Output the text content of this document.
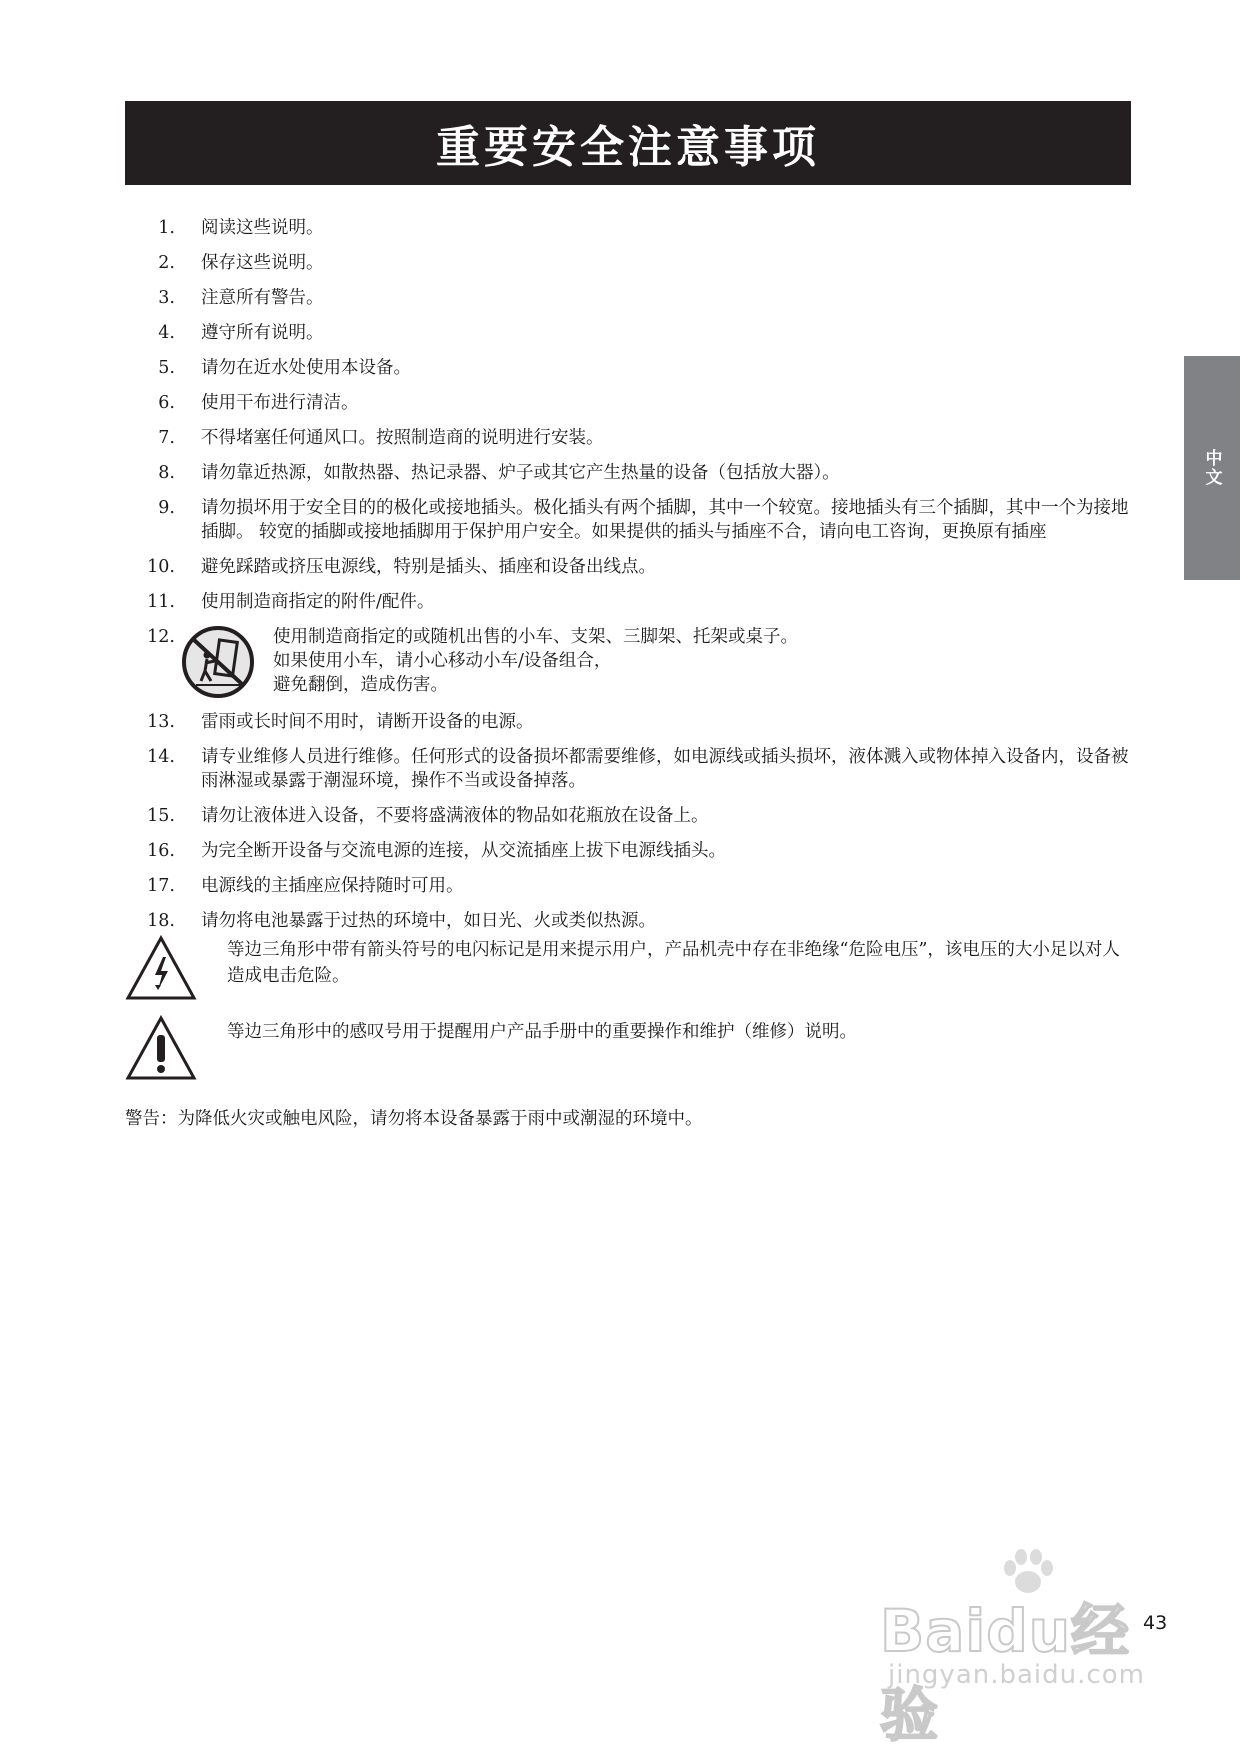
重要安全注意事项
中文
1.	阅读这些说明。
2.	保存这些说明。
3.	注意所有警告。
4.	遵守所有说明。
5.	请勿在近水处使用本设备。
6.	使用干布进行清洁。
7.	不得堵塞任何通风口。按照制造商的说明进行安装。
8.	请勿靠近热源，如散热器、热记录器、炉子或其它产生热量的设备（包括放大器）。
9.	请勿损坏用于安全目的的极化或接地插头。极化插头有两个插脚，其中一个较宽。接地插头有三个插脚，其中一个为接地插脚。 较宽的插脚或接地插脚用于保护用户安全。如果提供的插头与插座不合，请向电工咨询，更换原有插座
10.	避免踩踏或挤压电源线，特别是插头、插座和设备出线点。
11.	使用制造商指定的附件/配件。
12.	使用制造商指定的或随机出售的小车、支架、三脚架、托架或桌子。
如果使用小车，请小心移动小车/设备组合，
避免翻倒，造成伤害。
13.	雷雨或长时间不用时，请断开设备的电源。
14.	请专业维修人员进行维修。任何形式的设备损坏都需要维修，如电源线或插头损坏，液体溅入或物体掉入设备内，设备被雨淋湿或暴露于潮湿环境，操作不当或设备掉落。
15.	请勿让液体进入设备，不要将盛满液体的物品如花瓶放在设备上。
16.	为完全断开设备与交流电源的连接，从交流插座上拔下电源线插头。
17.	电源线的主插座应保持随时可用。
18.	请勿将电池暴露于过热的环境中，如日光、火或类似热源。
等边三角形中带有箭头符号的电闪标记是用来提示用户，产品机壳中存在非绝缘“危险电压”，该电压的大小足以对人造成电击危险。
等边三角形中的感叹号用于提醒用户产品手册中的重要操作和维护（维修）说明。
警告：为降低火灾或触电风险，请勿将本设备暴露于雨中或潮湿的环境中。
Baidu经验
jingyan.baidu.com
43
